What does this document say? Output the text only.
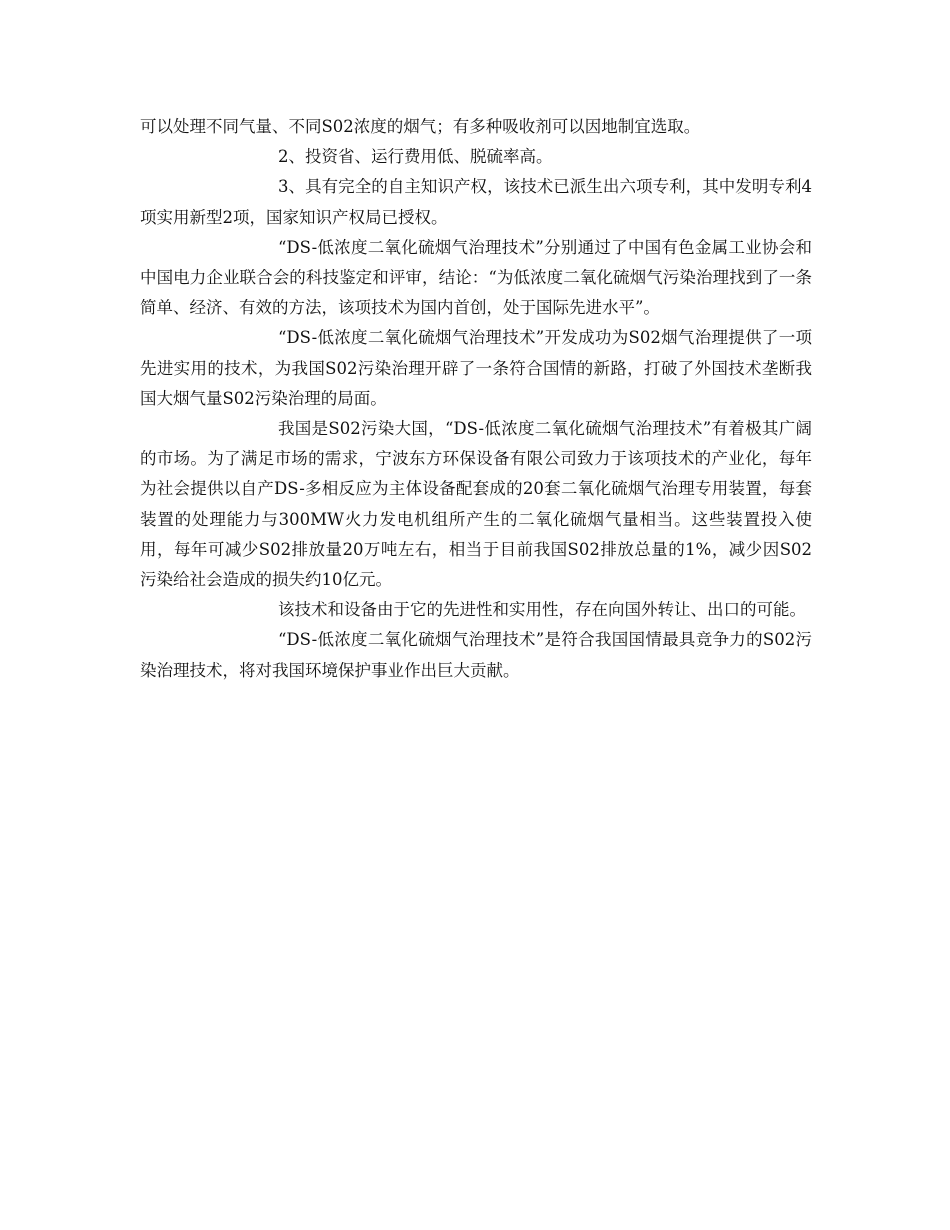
可以处理不同气量、不同S02浓度的烟气；有多种吸收剂可以因地制宜选取。

2、投资省、运行费用低、脱硫率高。

3、具有完全的自主知识产权，该技术已派生出六项专利，其中发明专利4项实用新型2项，国家知识产权局已授权。

“DS-低浓度二氧化硫烟气治理技术”分别通过了中国有色金属工业协会和中国电力企业联合会的科技鉴定和评审，结论：“为低浓度二氧化硫烟气污染治理找到了一条简单、经济、有效的方法，该项技术为国内首创，处于国际先进水平”。

“DS-低浓度二氧化硫烟气治理技术”开发成功为S02烟气治理提供了一项先进实用的技术，为我国S02污染治理开辟了一条符合国情的新路，打破了外国技术垄断我国大烟气量S02污染治理的局面。

我国是S02污染大国，“DS-低浓度二氧化硫烟气治理技术”有着极其广阔的市场。为了满足市场的需求，宁波东方环保设备有限公司致力于该项技术的产业化，每年为社会提供以自产DS-多相反应为主体设备配套成的20套二氧化硫烟气治理专用装置，每套装置的处理能力与300MW火力发电机组所产生的二氧化硫烟气量相当。这些装置投入使用，每年可减少S02排放量20万吨左右，相当于目前我国S02排放总量的1%，减少因S02污染给社会造成的损失约10亿元。

该技术和设备由于它的先进性和实用性，存在向国外转让、出口的可能。

“DS-低浓度二氧化硫烟气治理技术”是符合我国国情最具竞争力的S02污染治理技术，将对我国环境保护事业作出巨大贡献。
